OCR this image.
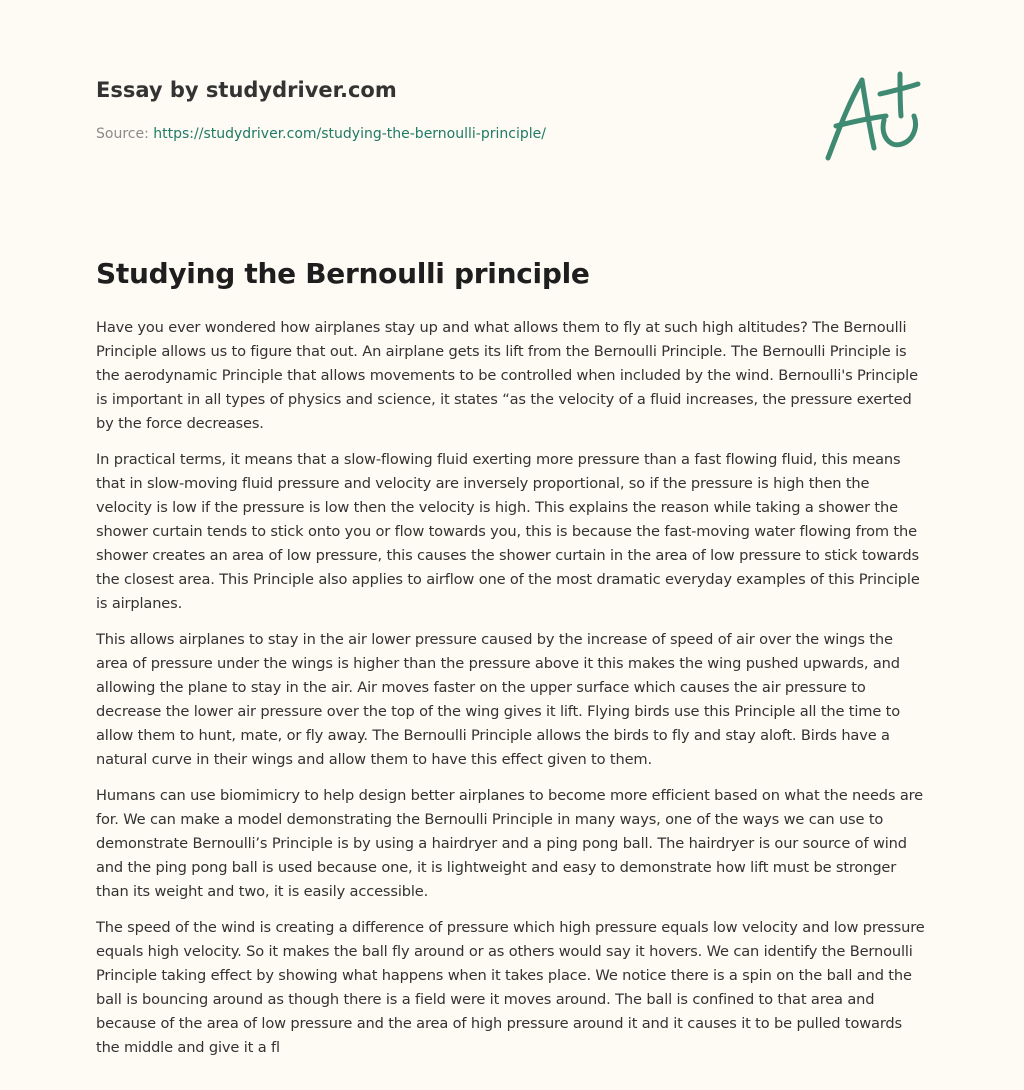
Essay by studydriver.com
Source: https://studydriver.com/studying-the-bernoulli-principle/
Studying the Bernoulli principle

Have you ever wondered how airplanes stay up and what allows them to fly at such high altitudes? The Bernoulli Principle allows us to figure that out. An airplane gets its lift from the Bernoulli Principle. The Bernoulli Principle is the aerodynamic Principle that allows movements to be controlled when included by the wind. Bernoulli's Principle is important in all types of physics and science, it states “as the velocity of a fluid increases, the pressure exerted by the force decreases.

In practical terms, it means that a slow-flowing fluid exerting more pressure than a fast flowing fluid, this means that in slow-moving fluid pressure and velocity are inversely proportional, so if the pressure is high then the velocity is low if the pressure is low then the velocity is high. This explains the reason while taking a shower the shower curtain tends to stick onto you or flow towards you, this is because the fast-moving water flowing from the shower creates an area of low pressure, this causes the shower curtain in the area of low pressure to stick towards the closest area. This Principle also applies to airflow one of the most dramatic everyday examples of this Principle is airplanes.

This allows airplanes to stay in the air lower pressure caused by the increase of speed of air over the wings the area of pressure under the wings is higher than the pressure above it this makes the wing pushed upwards, and allowing the plane to stay in the air. Air moves faster on the upper surface which causes the air pressure to decrease the lower air pressure over the top of the wing gives it lift. Flying birds use this Principle all the time to allow them to hunt, mate, or fly away. The Bernoulli Principle allows the birds to fly and stay aloft. Birds have a natural curve in their wings and allow them to have this effect given to them.

Humans can use biomimicry to help design better airplanes to become more efficient based on what the needs are for. We can make a model demonstrating the Bernoulli Principle in many ways, one of the ways we can use to demonstrate Bernoulli’s Principle is by using a hairdryer and a ping pong ball. The hairdryer is our source of wind and the ping pong ball is used because one, it is lightweight and easy to demonstrate how lift must be stronger than its weight and two, it is easily accessible.

The speed of the wind is creating a difference of pressure which high pressure equals low velocity and low pressure equals high velocity. So it makes the ball fly around or as others would say it hovers. We can identify the Bernoulli Principle taking effect by showing what happens when it takes place. We notice there is a spin on the ball and the ball is bouncing around as though there is a field were it moves around. The ball is confined to that area and because of the area of low pressure and the area of high pressure around it and it causes it to be pulled towards the middle and give it a fl
